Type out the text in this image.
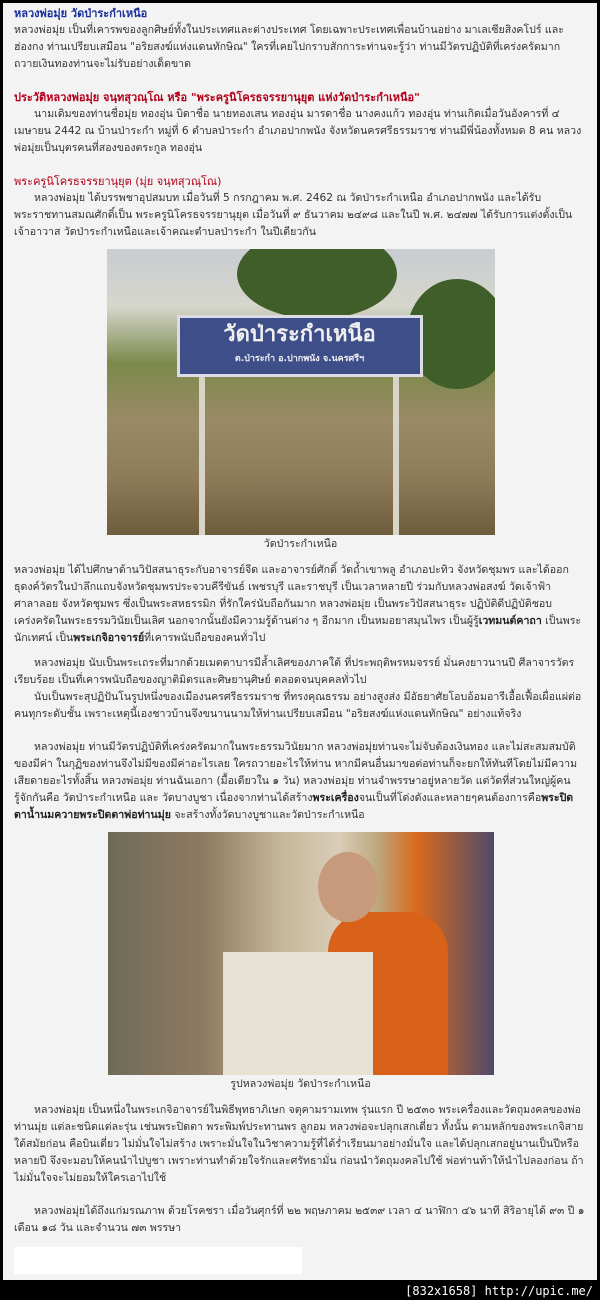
หลวงพ่อมุ่ย วัดป่าระกำเหนือ

หลวงพ่อมุ่ย เป็นที่เคารพของลูกศิษย์ทั้งในประเทศและต่างประเทศ โดยเฉพาะประเทศเพื่อนบ้านอย่าง มาเลเซียสิงคโปร์ และฮ่องกง ท่านเปรียบเสมือน "อริยสงฆ์แห่งแดนทักษิณ" ใครที่เคยไปกราบสักการะท่านจะรู้ว่า ท่านมีวัตรปฏิบัติที่เคร่งครัดมาก ถวายเงินทองท่านจะไม่รับอย่างเด็ดขาด

ประวัติหลวงพ่อมุ่ย จนฺทสุวณฺโณ หรือ "พระครูนิโครธจรรยานุยุต แห่งวัดป่าระกำเหนือ"

นามเดิมของท่านชื่อมุ่ย ทองอุ่น บิดาชื่อ นายทองเสน ทองอุ่น มารดาชื่อ นางคงแก้ว ทองอุ่น ท่านเกิดเมื่อวันอังคารที่ ๔ เมษายน 2442 ณ บ้านป่าระกำ หมู่ที่ 6 ตำบลป่าระกำ อำเภอปากพนัง จังหวัดนครศรีธรรมราช ท่านมีพี่น้องทั้งหมด 8 คน หลวงพ่อมุ่ยเป็นบุตรคนที่สองของตระกูล ทองอุ่น

พระครูนิโครธจรรยานุยุต (มุ่ย จนฺทสุวณฺโณ)

หลวงพ่อมุ่ย ได้บรรพชาอุปสมบท เมื่อวันที่ 5 กรกฎาคม พ.ศ. 2462 ณ วัดป่าระกำเหนือ อำเภอปากพนัง และได้รับพระราชทานสมณศักดิ์เป็น พระครูนิโครธจรรยานุยุต เมื่อวันที่ ๙ ธันวาคม ๒๔๙๘ และในปี พ.ศ. ๒๔๗๗ ได้รับการแต่งตั้งเป็นเจ้าอาวาส วัดป่าระกำเหนือและเจ้าคณะตำบลป่าระกำ ในปีเดียวกัน

วัดป่าระกำเหนือ
ต.ป่าระกำ อ.ปากพนัง จ.นครศรีฯ
วัดป่าระกำเหนือ

หลวงพ่อมุ่ย ได้ไปศึกษาด้านวิปัสสนาธุระกับอาจารย์จีด และอาจารย์ศักดิ์ วัดถ้ำเขาพลู อำเภอปะทิว จังหวัดชุมพร และได้ออกธุดงค์วัตรในป่าลึกแถบจังหวัดชุมพรประจวบคีรีขันธ์ เพชรบุรี และราชบุรี เป็นเวลาหลายปี ร่วมกับหลวงพ่อสงฆ์ วัดเจ้าฟ้าศาลาลอย จังหวัดชุมพร ซึ่งเป็นพระสหธรรมิก ที่รักใคร่นับถือกันมาก หลวงพ่อมุ่ย เป็นพระวิปัสสนาธุระ ปฏิบัติดีปฏิบัติชอบ เคร่งครัดในพระธรรมวินัยเป็นเลิศ นอกจากนั้นยังมีความรู้ด้านต่าง ๆ อีกมาก เป็นหมอยาสมุนไพร เป็นผู้รู้เวทมนต์คาถา เป็นพระนักเทศน์ เป็นพระเกจิอาจารย์ที่เคารพนับถือของคนทั่วไป

หลวงพ่อมุ่ย นับเป็นพระเถระที่มากด้วยเมตตาบารมีล้ำเลิศของภาคใต้ ที่ประพฤติพรหมจรรย์ มั่นคงยาวนานปี ศีลาจารวัตรเรียบร้อย เป็นที่เคารพนับถือของญาติมิตรและศิษยานุศิษย์ ตลอดจนบุคคลทั่วไป

นับเป็นพระสุปฏิปันโนรูปหนึ่งของเมืองนครศรีธรรมราช ที่ทรงคุณธรรม อย่างสูงส่ง มีอัธยาศัยโอบอ้อมอารีเอื้อเฟื้อเผื่อแผ่ต่อคนทุกระดับชั้น เพราะเหตุนี้เองชาวบ้านจึงขนานนามให้ท่านเปรียบเสมือน "อริยสงฆ์แห่งแดนทักษิณ" อย่างแท้จริง

หลวงพ่อมุ่ย ท่านมีวัตรปฏิบัติที่เคร่งครัดมากในพระธรรมวินัยมาก หลวงพ่อมุ่ยท่านจะไม่จับต้องเงินทอง และไม่สะสมสมบัติของมีค่า ในกุฏิของท่านจึงไม่มีของมีค่าอะไรเลย ใครถวายอะไรให้ท่าน หากมีคนอื่นมาขอต่อท่านก็จะยกให้ทันทีโดยไม่มีความเสียดายอะไรทั้งสิ้น หลวงพ่อมุ่ย ท่านฉันเอกา (มื้อเดียวใน ๑ วัน) หลวงพ่อมุ่ย ท่านจำพรรษาอยู่หลายวัด แต่วัดที่ส่วนใหญ่ผู้คนรู้จักกันคือ วัดป่าระกำเหนือ และ วัดบางบูชา เนื่องจากท่านได้สร้างพระเครื่องจนเป็นที่โด่งดังและหลายๆคนต้องการคือพระปิดตาน้ำนมควายพระปิดตาพ่อท่านมุ่ย จะสร้างทั้งวัดบางบูชาและวัดป่าระกำเหนือ

รูปหลวงพ่อมุ่ย วัดป่าระกำเหนือ

หลวงพ่อมุ่ย เป็นหนึ่งในพระเกจิอาจารย์ในพิธีพุทธาภิเษก จตุคามรามเทพ รุ่นแรก ปี ๒๕๓๐ พระเครื่องและวัตถุมงคลของพ่อท่านมุ่ย แต่ละชนิดแต่ละรุ่น เช่นพระปิดตา พระพิมพ์ประทานพร ลูกอม หลวงพ่อจะปลุกเสกเดี่ยว ทั้งนั้น ตามหลักของพระเกจิสายใต้สมัยก่อน คือบินเดี่ยว ไม่มั่นใจไม่สร้าง เพราะมั่นใจในวิชาความรู้ที่ได้ร่ำเรียนมาอย่างมั่นใจ และได้ปลุกเสกอยู่นานเป็นปีหรือหลายปี จึงจะมอบให้คนนำไปบูชา เพราะท่านทำด้วยใจรักและศรัทธามั่น ก่อนนำวัตถุมงคลไปใช้ พ่อท่านท้าให้นำไปลองก่อน ถ้าไม่มั่นใจจะไม่ยอมให้ใครเอาไปใช้

หลวงพ่อมุ่ยได้ถึงแก่มรณภาพ ด้วยโรคชรา เมื่อวันศุกร์ที่ ๒๒ พฤษภาคม ๒๕๓๙ เวลา ๔ นาฬิกา ๔๖ นาที สิริอายุได้ ๙๓ ปี ๑ เดือน ๑๘ วัน และจำนวน ๗๓ พรรษา

[832x1658] http://upic.me/
